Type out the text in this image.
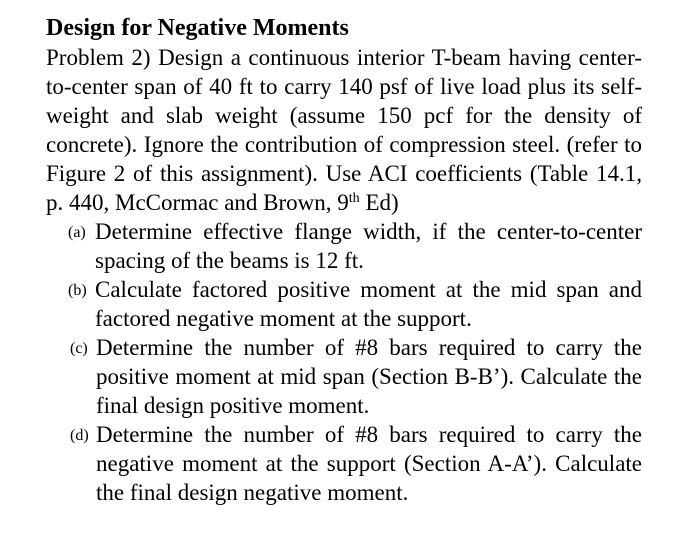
Design for Negative Moments

Problem 2) Design a continuous interior T-beam having center-to-center span of 40 ft to carry 140 psf of live load plus its self-weight and slab weight (assume 150 pcf for the density of concrete). Ignore the contribution of compression steel. (refer to Figure 2 of this assignment). Use ACI coefficients (Table 14.1, p. 440, McCormac and Brown, 9th Ed)

(a) Determine effective flange width, if the center-to-center spacing of the beams is 12 ft.
(b) Calculate factored positive moment at the mid span and factored negative moment at the support.
(c) Determine the number of #8 bars required to carry the positive moment at mid span (Section B-B’). Calculate the final design positive moment.
(d) Determine the number of #8 bars required to carry the negative moment at the support (Section A-A’). Calculate the final design negative moment.
